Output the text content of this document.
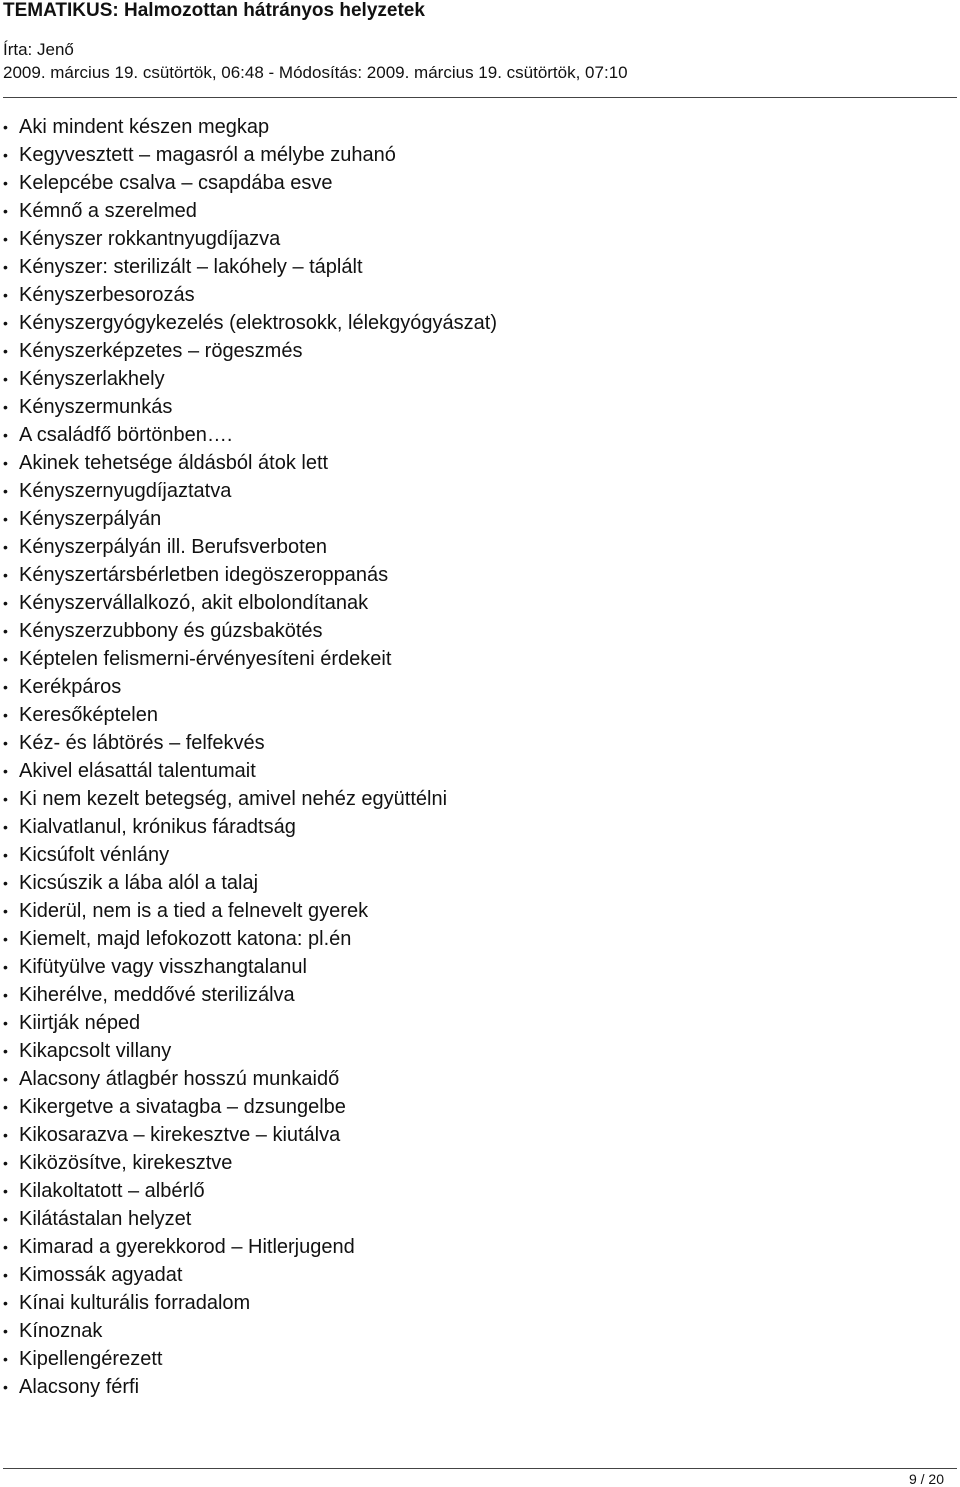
TEMATIKUS: Halmozottan hátrányos helyzetek
Írta: Jenő
2009. március 19. csütörtök, 06:48 - Módosítás: 2009. március 19. csütörtök, 07:10
• Aki mindent készen megkap
• Kegyvesztett – magasról a mélybe zuhanó
• Kelepcébe csalva – csapdába esve
• Kémnő a szerelmed
• Kényszer rokkantnyugdíjazva
• Kényszer: sterilizált – lakóhely – táplált
• Kényszerbesorozás
• Kényszergyógykezelés (elektrosokk, lélekgyógyászat)
• Kényszerképzetes – rögeszmés
• Kényszerlakhely
• Kényszermunkás
• A családfő börtönben….
• Akinek tehetsége áldásból átok lett
• Kényszernyugdíjaztatva
• Kényszerpályán
• Kényszerpályán ill. Berufsverboten
• Kényszertársbérletben idegöszeroppanás
• Kényszervállalkozó, akit elbolondítanak
• Kényszerzubbony és gúzsbakötés
• Képtelen felismerni-érvényesíteni érdekeit
• Kerékpáros
• Keresőképtelen
• Kéz- és lábtörés – felfekvés
• Akivel elásattál talentumait
• Ki nem kezelt betegség, amivel nehéz együttélni
• Kialvatlanul, krónikus fáradtság
• Kicsúfolt vénlány
• Kicsúszik a lába alól a talaj
• Kiderül, nem is a tied a felnevelt gyerek
• Kiemelt, majd lefokozott katona: pl.én
• Kifütyülve vagy visszhangtalanul
• Kiherélve, meddővé sterilizálva
• Kiirtják néped
• Kikapcsolt villany
• Alacsony átlagbér hosszú munkaidő
• Kikergetve a sivatagba – dzsungelbe
• Kikosarazva – kirekesztve – kiutálva
• Kiközösítve, kirekesztve
• Kilakoltatott – albérlő
• Kilátástalan helyzet
• Kimarad a gyerekkorod – Hitlerjugend
• Kimossák agyadat
• Kínai kulturális forradalom
• Kínoznak
• Kipellengérezett
• Alacsony férfi
9 / 20
